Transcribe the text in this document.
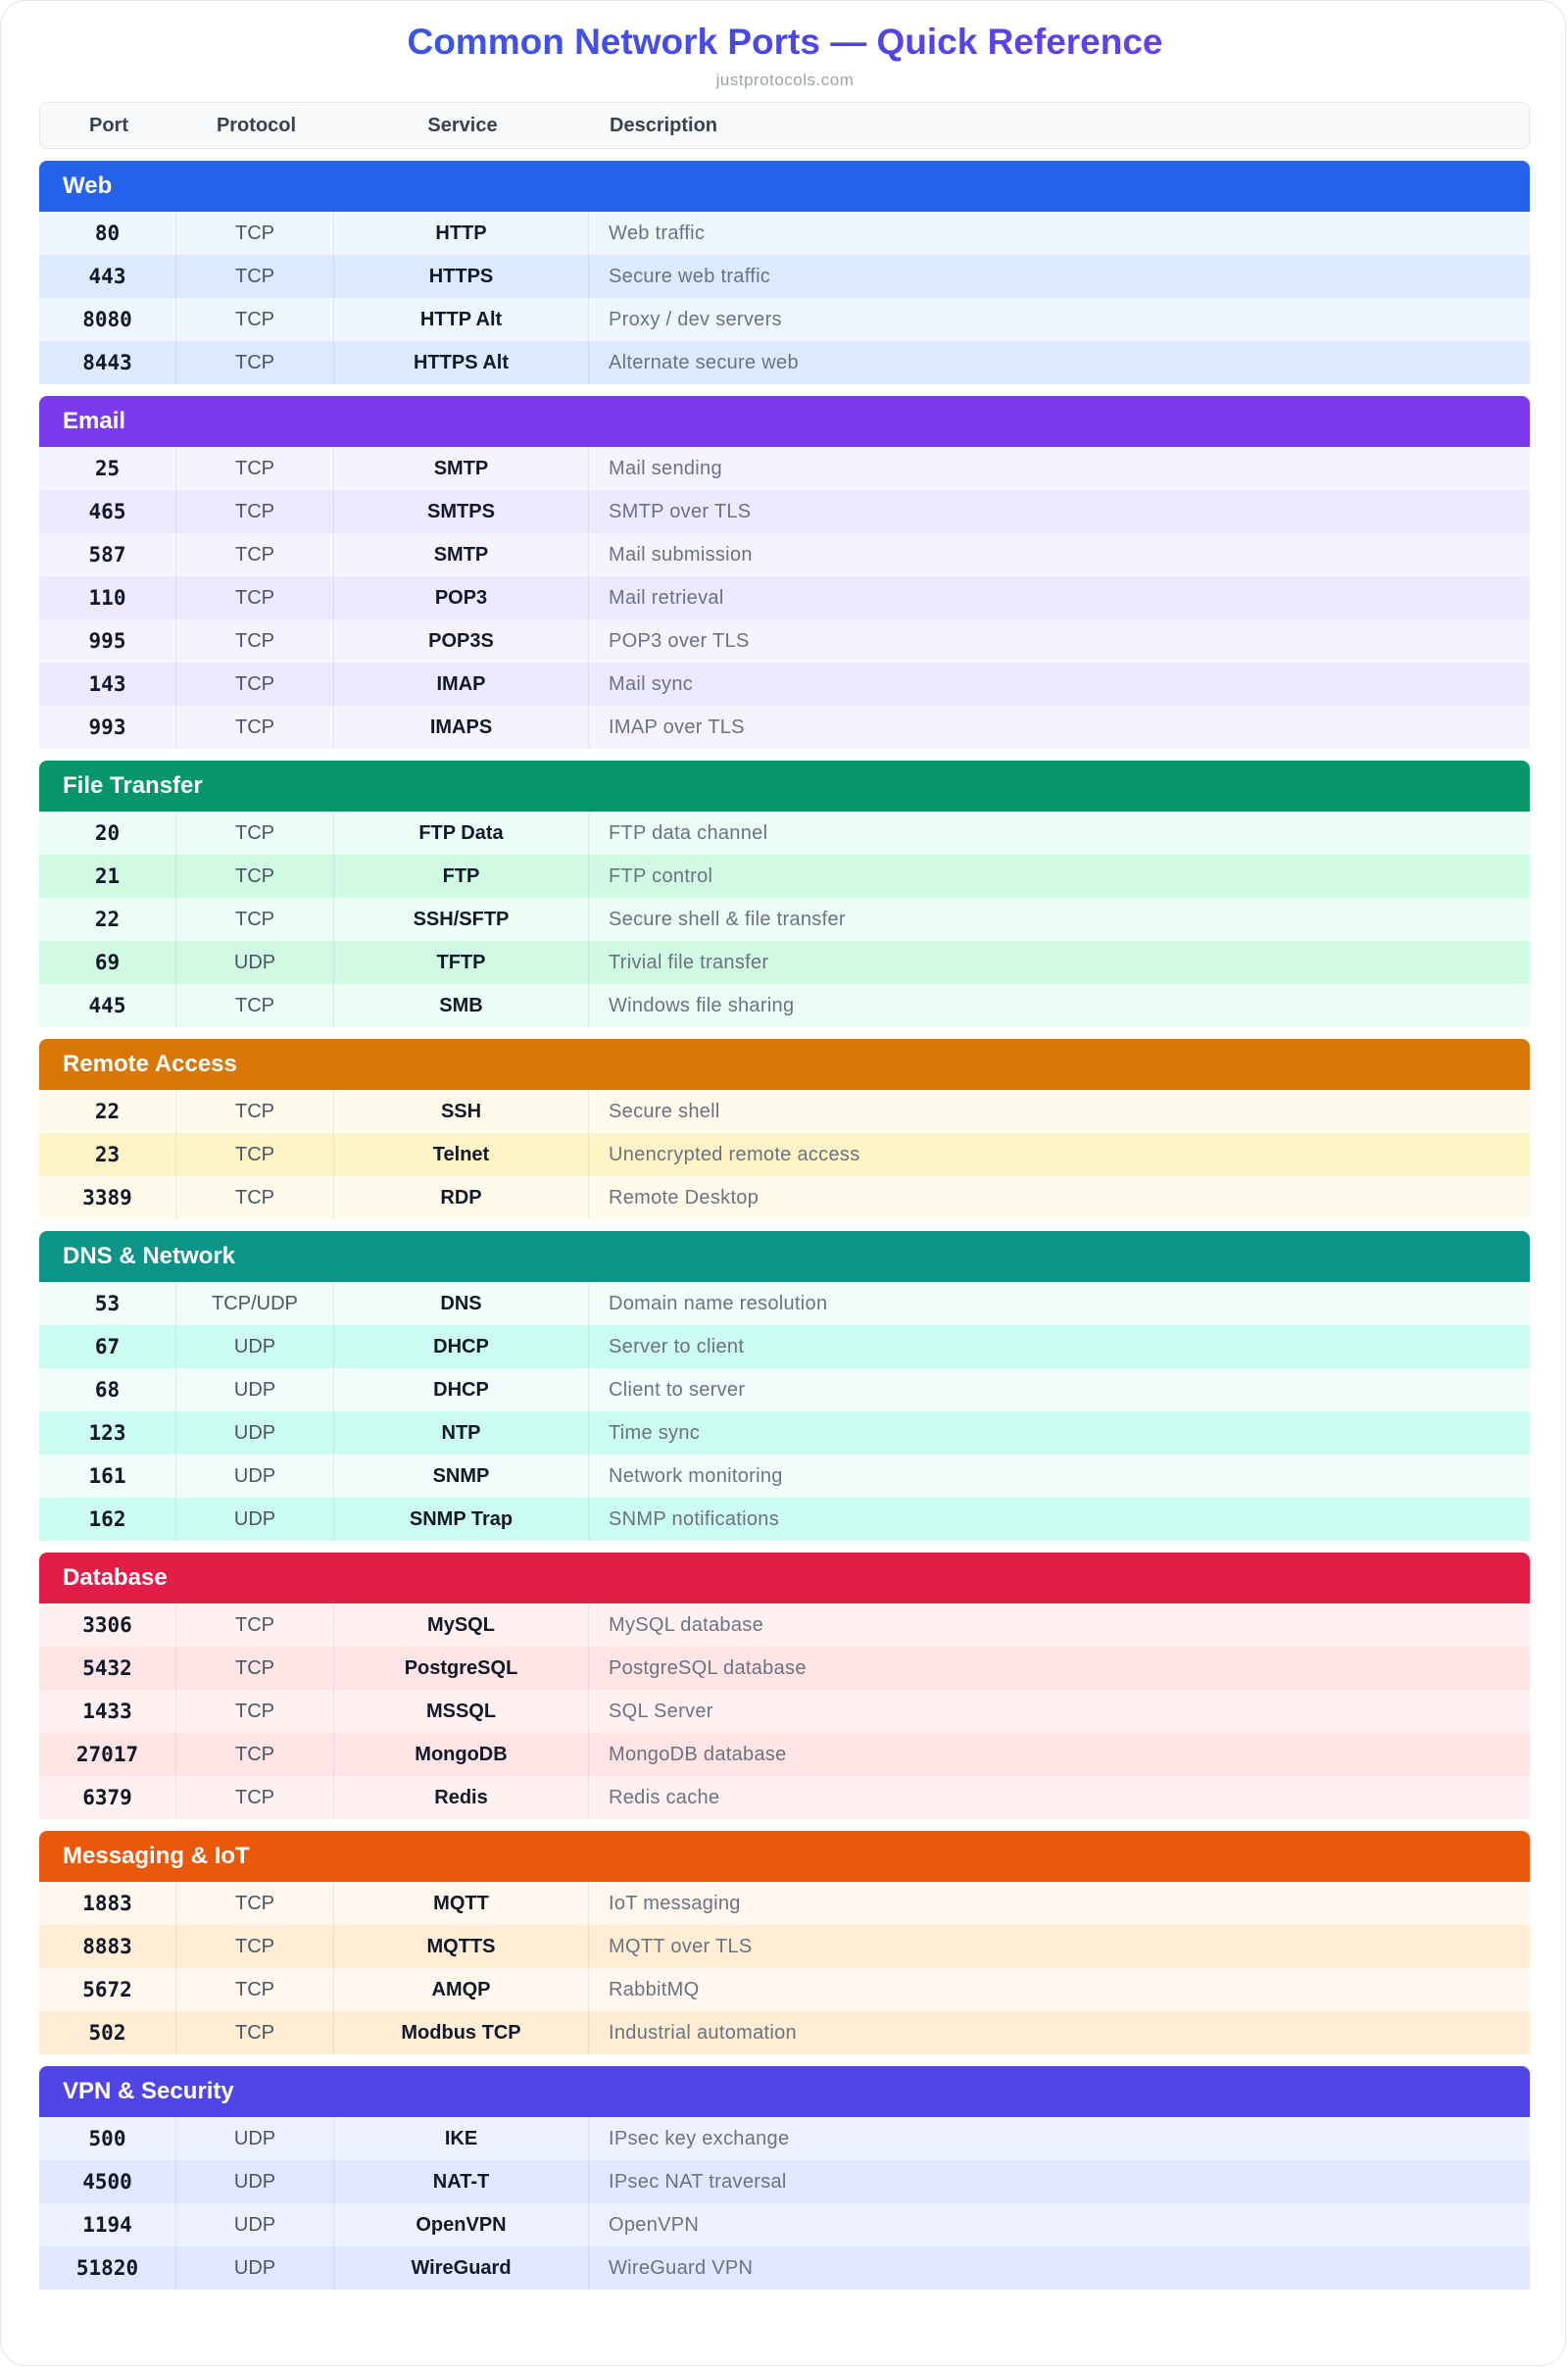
Common Network Ports — Quick Reference
justprotocols.com
Port	Protocol	Service	Description
Web
80	TCP	HTTP	Web traffic
443	TCP	HTTPS	Secure web traffic
8080	TCP	HTTP Alt	Proxy / dev servers
8443	TCP	HTTPS Alt	Alternate secure web
Email
25	TCP	SMTP	Mail sending
465	TCP	SMTPS	SMTP over TLS
587	TCP	SMTP	Mail submission
110	TCP	POP3	Mail retrieval
995	TCP	POP3S	POP3 over TLS
143	TCP	IMAP	Mail sync
993	TCP	IMAPS	IMAP over TLS
File Transfer
20	TCP	FTP Data	FTP data channel
21	TCP	FTP	FTP control
22	TCP	SSH/SFTP	Secure shell & file transfer
69	UDP	TFTP	Trivial file transfer
445	TCP	SMB	Windows file sharing
Remote Access
22	TCP	SSH	Secure shell
23	TCP	Telnet	Unencrypted remote access
3389	TCP	RDP	Remote Desktop
DNS & Network
53	TCP/UDP	DNS	Domain name resolution
67	UDP	DHCP	Server to client
68	UDP	DHCP	Client to server
123	UDP	NTP	Time sync
161	UDP	SNMP	Network monitoring
162	UDP	SNMP Trap	SNMP notifications
Database
3306	TCP	MySQL	MySQL database
5432	TCP	PostgreSQL	PostgreSQL database
1433	TCP	MSSQL	SQL Server
27017	TCP	MongoDB	MongoDB database
6379	TCP	Redis	Redis cache
Messaging & IoT
1883	TCP	MQTT	IoT messaging
8883	TCP	MQTTS	MQTT over TLS
5672	TCP	AMQP	RabbitMQ
502	TCP	Modbus TCP	Industrial automation
VPN & Security
500	UDP	IKE	IPsec key exchange
4500	UDP	NAT-T	IPsec NAT traversal
1194	UDP	OpenVPN	OpenVPN
51820	UDP	WireGuard	WireGuard VPN
